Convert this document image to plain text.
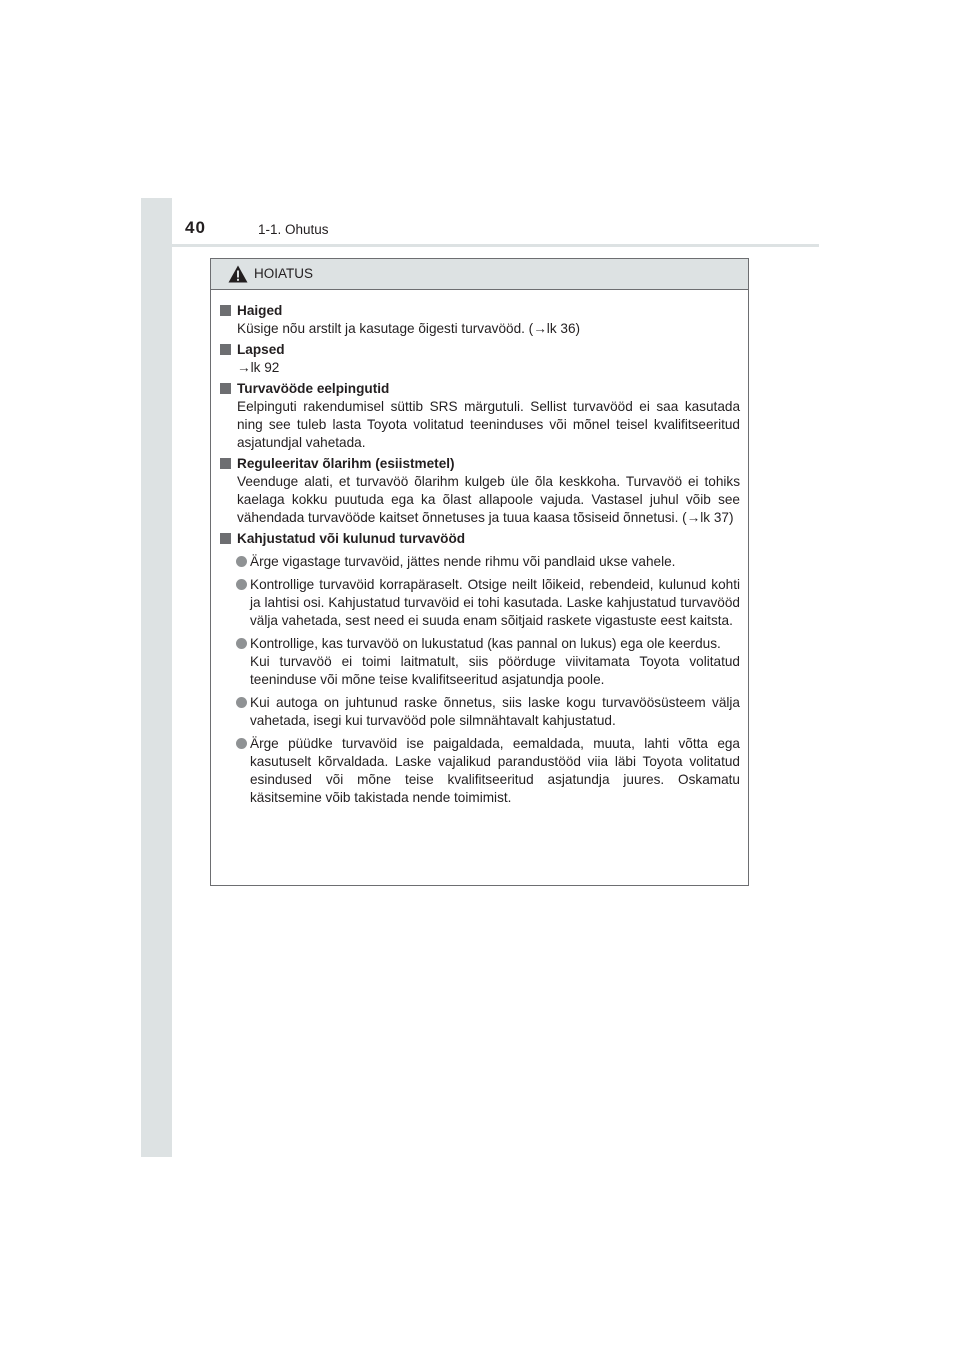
40	1-1. Ohutus
HOIATUS
Haiged
Küsige nõu arstilt ja kasutage õigesti turvavööd. (→lk 36)
Lapsed
→lk 92
Turvavööde eelpingutid
Eelpinguti rakendumisel süttib SRS märgutuli. Sellist turvavööd ei saa kasutada ning see tuleb lasta Toyota volitatud teeninduses või mõnel teisel kvalifitseeritud asjatundjal vahetada.
Reguleeritav õlarihm (esiistmetel)
Veenduge alati, et turvavöö õlarihm kulgeb üle õla keskkoha. Turvavöö ei tohiks kaelaga kokku puutuda ega ka õlast allapoole vajuda. Vastasel juhul võib see vähendada turvavööde kaitset õnnetuses ja tuua kaasa tõsiseid õnnetusi. (→lk 37)
Kahjustatud või kulunud turvavööd
Ärge vigastage turvavöid, jättes nende rihmu või pandlaid ukse vahele.
Kontrollige turvavöid korrapäraselt. Otsige neilt lõikeid, rebendeid, kulunud kohti ja lahtisi osi. Kahjustatud turvavöid ei tohi kasutada. Laske kahjustatud turvavööd välja vahetada, sest need ei suuda enam sõitjaid raskete vigastuste eest kaitsta.

Kontrollige, kas turvavöö on lukustatud (kas pannal on lukus) ega ole keerdus.

Kui turvavöö ei toimi laitmatult, siis pöörduge viivitamata Toyota volitatud teeninduse või mõne teise kvalifitseeritud asjatundja poole.

Kui autoga on juhtunud raske õnnetus, siis laske kogu turvavöösüsteem välja vahetada, isegi kui turvavööd pole silmnähtavalt kahjustatud.
Ärge püüdke turvavöid ise paigaldada, eemaldada, muuta, lahti võtta ega kasutuselt kõrvaldada. Laske vajalikud parandustööd viia läbi Toyota volitatud esindused või mõne teise kvalifitseeritud asjatundja juures. Oskamatu käsitsemine võib takistada nende toimimist.
